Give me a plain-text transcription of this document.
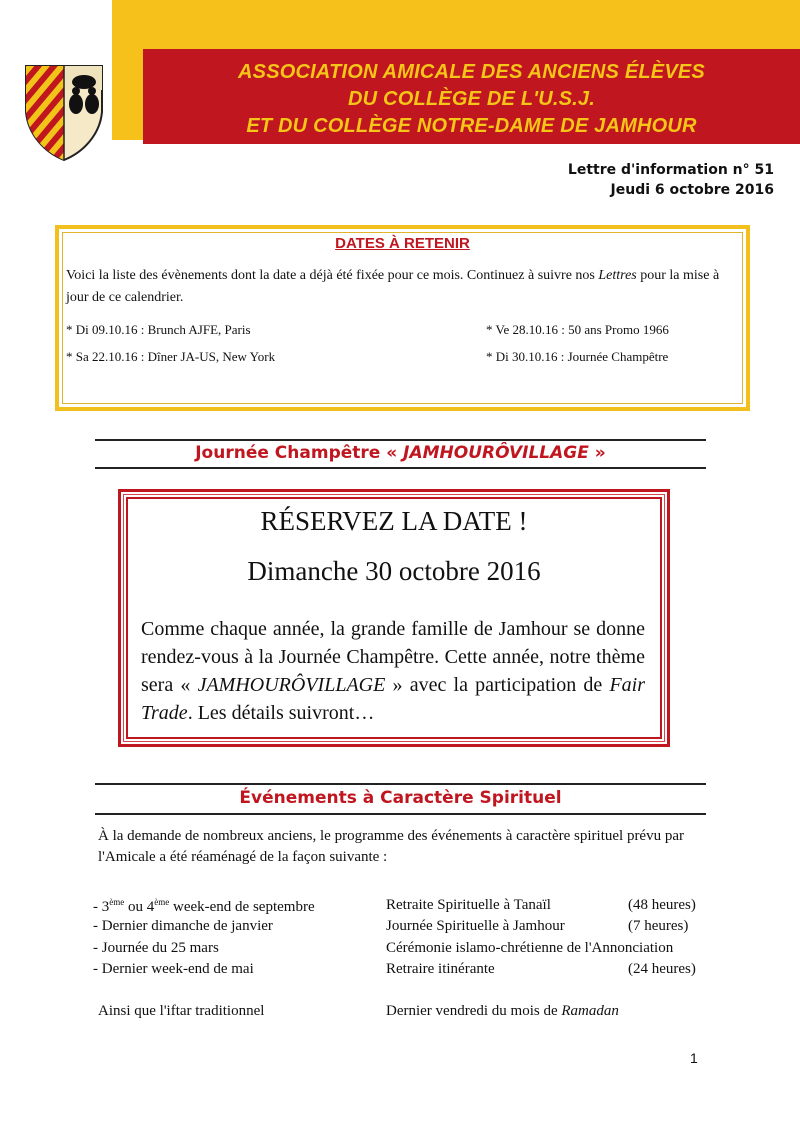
ASSOCIATION AMICALE DES ANCIENS ÉLÈVES
DU COLLÈGE DE L'U.S.J.
ET DU COLLÈGE NOTRE-DAME DE JAMHOUR
Lettre d'information n° 51
Jeudi 6 octobre 2016
DATES À RETENIR
Voici la liste des évènements dont la date a déjà été fixée pour ce mois. Continuez à suivre nos Lettres pour la mise à jour de ce calendrier.
* Di 09.10.16 : Brunch AJFE, Paris	* Ve 28.10.16 : 50 ans Promo 1966
* Sa 22.10.16 : Dîner JA-US, New York	* Di 30.10.16 : Journée Champêtre
Journée Champêtre « JAMHOURÔVILLAGE »
RÉSERVEZ LA DATE !
Dimanche 30 octobre 2016
Comme chaque année, la grande famille de Jamhour se donne rendez-vous à la Journée Champêtre. Cette année, notre thème sera « JAMHOURÔVILLAGE » avec la participation de Fair Trade. Les détails suivront…
Événements à Caractère Spirituel
À la demande de nombreux anciens, le programme des événements à caractère spirituel prévu par l'Amicale a été réaménagé de la façon suivante :
- 3ème ou 4ème week-end de septembre	Retraite Spirituelle à Tanaïl	(48 heures)
- Dernier dimanche de janvier	Journée Spirituelle à Jamhour	(7 heures)
- Journée du 25 mars	Cérémonie islamo-chrétienne de l'Annonciation
- Dernier week-end de mai	Retraire itinérante	(24 heures)
Ainsi que l'iftar traditionnel	Dernier vendredi du mois de Ramadan
1
